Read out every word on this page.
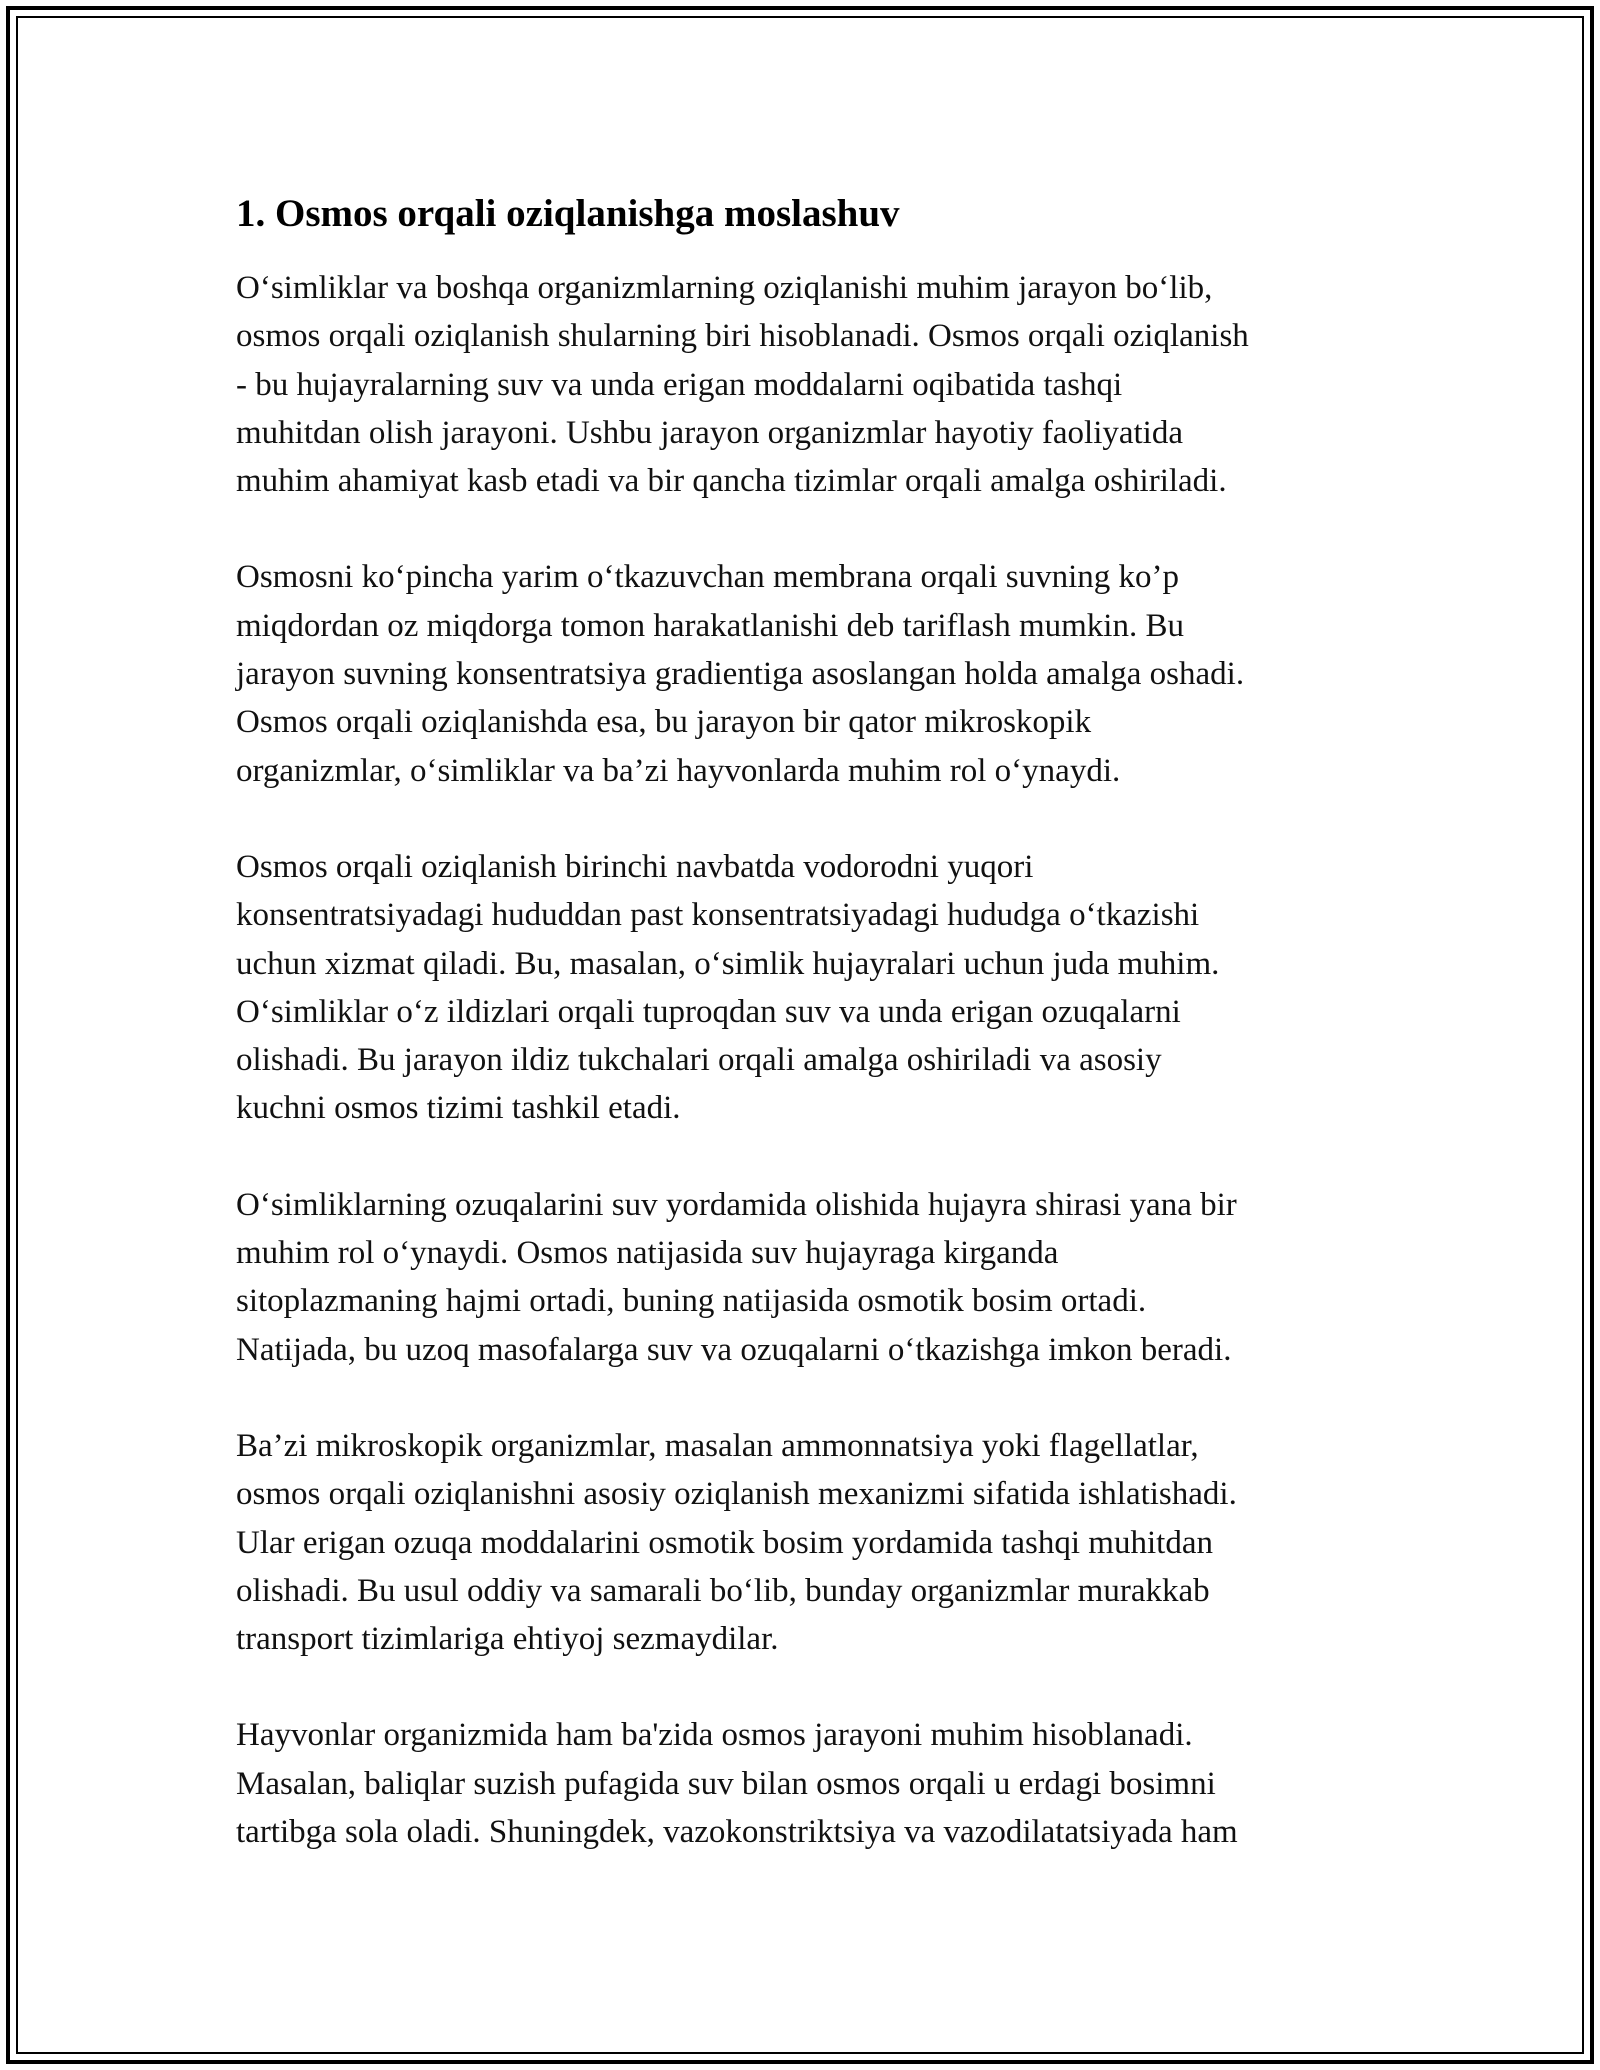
1. Osmos orqali oziqlanishga moslashuv

O‘simliklar va boshqa organizmlarning oziqlanishi muhim jarayon bo‘lib,
osmos orqali oziqlanish shularning biri hisoblanadi. Osmos orqali oziqlanish
- bu hujayralarning suv va unda erigan moddalarni oqibatida tashqi
muhitdan olish jarayoni. Ushbu jarayon organizmlar hayotiy faoliyatida
muhim ahamiyat kasb etadi va bir qancha tizimlar orqali amalga oshiriladi.

Osmosni ko‘pincha yarim o‘tkazuvchan membrana orqali suvning ko’p
miqdordan oz miqdorga tomon harakatlanishi deb tariflash mumkin. Bu
jarayon suvning konsentratsiya gradientiga asoslangan holda amalga oshadi.
Osmos orqali oziqlanishda esa, bu jarayon bir qator mikroskopik
organizmlar, o‘simliklar va ba’zi hayvonlarda muhim rol o‘ynaydi.

Osmos orqali oziqlanish birinchi navbatda vodorodni yuqori
konsentratsiyadagi hududdan past konsentratsiyadagi hududga o‘tkazishi
uchun xizmat qiladi. Bu, masalan, o‘simlik hujayralari uchun juda muhim.
O‘simliklar o‘z ildizlari orqali tuproqdan suv va unda erigan ozuqalarni
olishadi. Bu jarayon ildiz tukchalari orqali amalga oshiriladi va asosiy
kuchni osmos tizimi tashkil etadi.

O‘simliklarning ozuqalarini suv yordamida olishida hujayra shirasi yana bir
muhim rol o‘ynaydi. Osmos natijasida suv hujayraga kirganda
sitoplazmaning hajmi ortadi, buning natijasida osmotik bosim ortadi.
Natijada, bu uzoq masofalarga suv va ozuqalarni o‘tkazishga imkon beradi.

Ba’zi mikroskopik organizmlar, masalan ammonnatsiya yoki flagellatlar,
osmos orqali oziqlanishni asosiy oziqlanish mexanizmi sifatida ishlatishadi.
Ular erigan ozuqa moddalarini osmotik bosim yordamida tashqi muhitdan
olishadi. Bu usul oddiy va samarali bo‘lib, bunday organizmlar murakkab
transport tizimlariga ehtiyoj sezmaydilar.

Hayvonlar organizmida ham ba'zida osmos jarayoni muhim hisoblanadi.
Masalan, baliqlar suzish pufagida suv bilan osmos orqali u erdagi bosimni
tartibga sola oladi. Shuningdek, vazokonstriktsiya va vazodilatatsiyada ham
